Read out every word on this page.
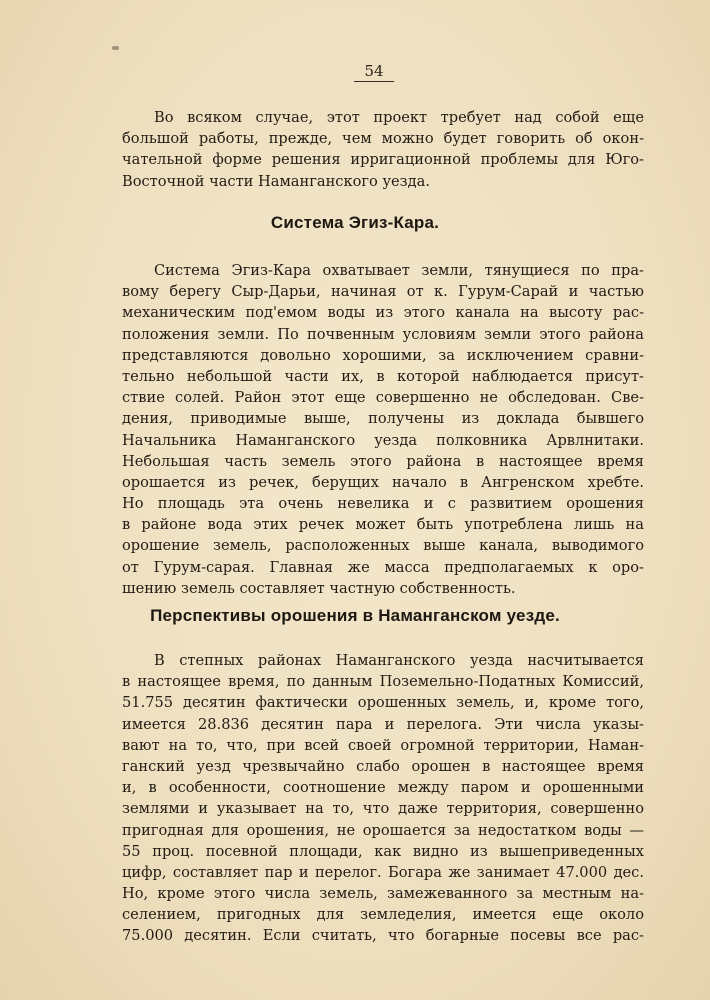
54
Во всяком случае, этот проект требует над собой еще
большой работы, прежде, чем можно будет говорить об окон-
чательной форме решения ирригационной проблемы для Юго-
Восточной части Наманганского уезда.
Система Эгиз-Кара.
Система Эгиз-Кара охватывает земли, тянущиеся по пра-
вому берегу Сыр-Дарьи, начиная от к. Гурум-Сарай и частью
механическим под'емом воды из этого канала на высоту рас-
положения земли. По почвенным условиям земли этого района
представляются довольно хорошими, за исключением сравни-
тельно небольшой части их, в которой наблюдается присут-
ствие солей. Район этот еще совершенно не обследован. Све-
дения, приводимые выше, получены из доклада бывшего
Начальника Наманганского уезда полковника Арвлнитаки.
Небольшая часть земель этого района в настоящее время
орошается из речек, берущих начало в Ангренском хребте.
Но площадь эта очень невелика и с развитием орошения
в районе вода этих речек может быть употреблена лишь на
орошение земель, расположенных выше канала, выводимого
от Гурум-сарая. Главная же масса предполагаемых к оро-
шению земель составляет частную собственность.
Перспективы орошения в Наманганском уезде.
В степных районах Наманганского уезда насчитывается
в настоящее время, по данным Поземельно-Податных Комиссий,
51.755 десятин фактически орошенных земель, и, кроме того,
имеется 28.836 десятин пара и перелога. Эти числа указы-
вают на то, что, при всей своей огромной территории, Наман-
ганский уезд чрезвычайно слабо орошен в настоящее время
и, в особенности, соотношение между паром и орошенными
землями и указывает на то, что даже территория, совершенно
пригодная для орошения, не орошается за недостатком воды —
55 проц. посевной площади, как видно из вышеприведенных
цифр, составляет пар и перелог. Богара же занимает 47.000 дес.
Но, кроме этого числа земель, замежеванного за местным на-
селением, пригодных для земледелия, имеется еще около
75.000 десятин. Если считать, что богарные посевы все рас-
